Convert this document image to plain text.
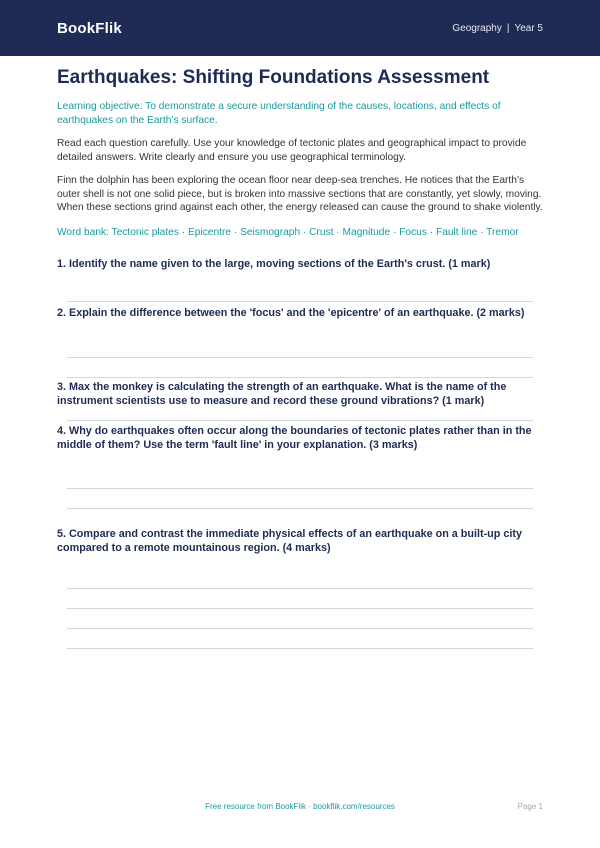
BookFlik	Geography | Year 5
Earthquakes: Shifting Foundations Assessment

Learning objective: To demonstrate a secure understanding of the causes, locations, and effects of earthquakes on the Earth’s surface.

Read each question carefully. Use your knowledge of tectonic plates and geographical impact to provide detailed answers. Write clearly and ensure you use geographical terminology.

Finn the dolphin has been exploring the ocean floor near deep-sea trenches. He notices that the Earth’s outer shell is not one solid piece, but is broken into massive sections that are constantly, yet slowly, moving. When these sections grind against each other, the energy released can cause the ground to shake violently.

Word bank: Tectonic plates · Epicentre · Seismograph · Crust · Magnitude · Focus · Fault line · Tremor

1. Identify the name given to the large, moving sections of the Earth's crust. (1 mark)

2. Explain the difference between the 'focus' and the 'epicentre' of an earthquake. (2 marks)

3. Max the monkey is calculating the strength of an earthquake. What is the name of the instrument scientists use to measure and record these ground vibrations? (1 mark)

4. Why do earthquakes often occur along the boundaries of tectonic plates rather than in the middle of them? Use the term 'fault line' in your explanation. (3 marks)

5. Compare and contrast the immediate physical effects of an earthquake on a built-up city compared to a remote mountainous region. (4 marks)

Free resource from BookFlik · bookflik.com/resources	Page 1
